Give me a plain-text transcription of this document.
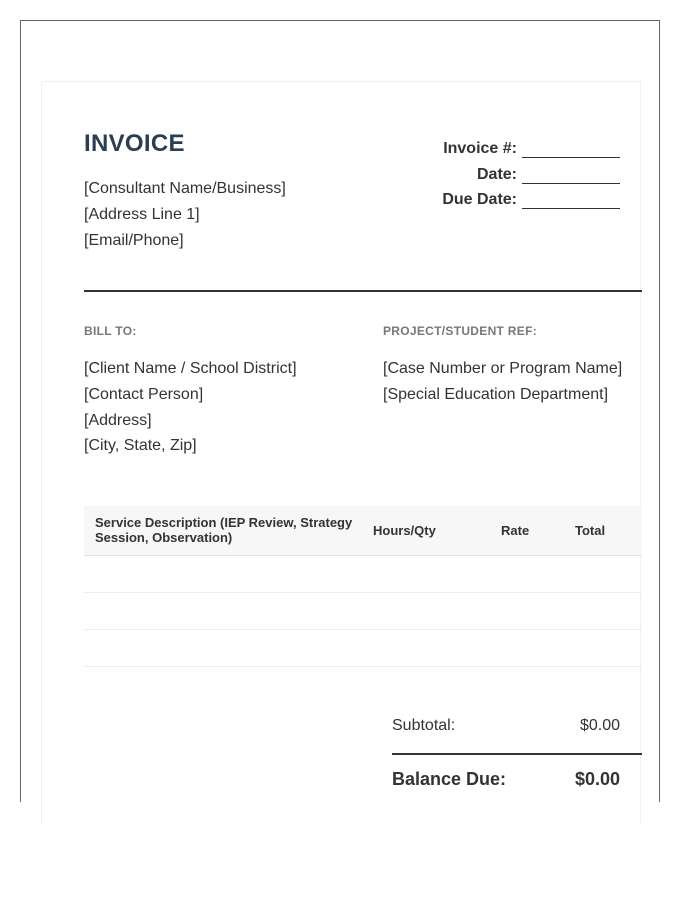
INVOICE
[Consultant Name/Business]
[Address Line 1]
[Email/Phone]
Invoice #:
Date:
Due Date:
BILL TO:
[Client Name / School District]
[Contact Person]
[Address]
[City, State, Zip]
PROJECT/STUDENT REF:
[Case Number or Program Name]
[Special Education Department]
Service Description (IEP Review, Strategy
Session, Observation)	Hours/Qty	Rate	Total
Subtotal:	$0.00
Balance Due:	$0.00
